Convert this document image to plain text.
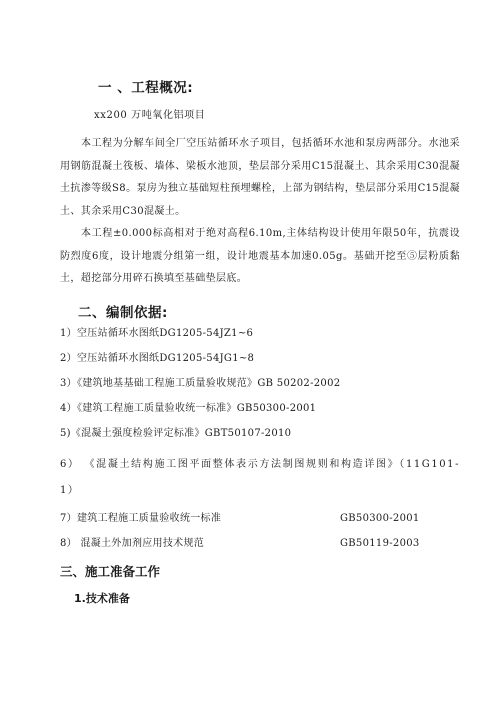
一 、工程概况:
xx200 万吨氧化铝项目

本工程为分解车间全厂空压站循环水子项目，包括循环水池和泵房两部分。水池采用钢筋混凝土筏板、墙体、梁板水池顶，垫层部分采用C15混凝土、其余采用C30混凝土抗渗等级S8。泵房为独立基础短柱预埋螺栓，上部为钢结构，垫层部分采用C15混凝土、其余采用C30混凝土。

本工程±0.000标高相对于绝对高程6.10m,主体结构设计使用年限50年，抗震设防烈度6度，设计地震分组第一组，设计地震基本加速0.05g。基础开挖至⑤层粉质黏土，超挖部分用碎石换填至基础垫层底。

二、编制依据:
1）空压站循环水图纸DG1205-54JZ1~6
2）空压站循环水图纸DG1205-54JG1~8
3）《建筑地基基础工程施工质量验收规范》GB 50202-2002
4）《建筑工程施工质量验收统一标准》GB50300-2001
5)《混凝土强度检验评定标准》GBT50107-2010
6） 《混凝土结构施工图平面整体表示方法制图规则和构造详图》（11G101-1）
7）建筑工程施工质量验收统一标准	GB50300-2001
8） 混凝土外加剂应用技术规范	GB50119-2003
三、施工准备工作
1.技术准备
